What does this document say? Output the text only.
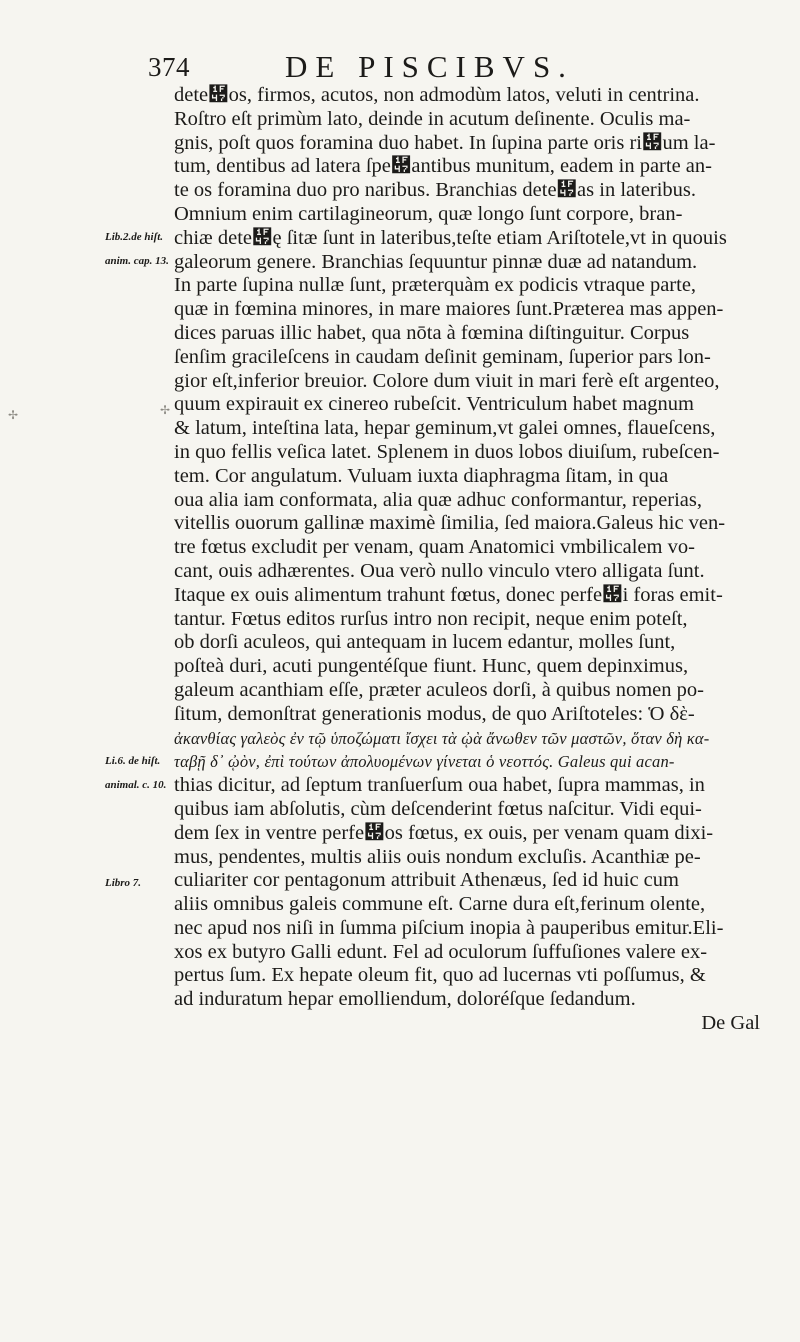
374	DE PISCIBVS.
dete὇os, firmos, acutos, non admodùm latos, veluti in centrina.
Roſtro eſt primùm lato, deinde in acutum deſinente. Oculis ma-
gnis, poſt quos foramina duo habet. In ſupina parte oris ri὇um la-
tum, dentibus ad latera ſpe὇antibus munitum, eadem in parte an-
te os foramina duo pro naribus. Branchias dete὇as in lateribus.
Omnium enim cartilagineorum, quæ longo ſunt corpore, bran-
chiæ dete὇ę ſitæ ſunt in lateribus,teſte etiam Ariſtotele,vt in quouis
galeorum genere. Branchias ſequuntur pinnæ duæ ad natandum.
In parte ſupina nullæ ſunt, præterquàm ex podicis vtraque parte,
quæ in fœmina minores, in mare maiores ſunt.Præterea mas appen-
dices paruas illic habet, qua nōta à fœmina diſtinguitur. Corpus
ſenſim gracileſcens in caudam deſinit geminam, ſuperior pars lon-
gior eſt,inferior breuior. Colore dum viuit in mari ferè eſt argenteo,
quum expirauit ex cinereo rubeſcit. Ventriculum habet magnum
& latum, inteſtina lata, hepar geminum,vt galei omnes, flaueſcens,
in quo fellis veſica latet. Splenem in duos lobos diuiſum, rubeſcen-
tem. Cor angulatum. Vuluam iuxta diaphragma ſitam, in qua
oua alia iam conformata, alia quæ adhuc conformantur, reperias,
vitellis ouorum gallinæ maximè ſimilia, ſed maiora.Galeus hic ven-
tre fœtus excludit per venam, quam Anatomici vmbilicalem vo-
cant, ouis adhærentes. Oua verò nullo vinculo vtero alligata ſunt.
Itaque ex ouis alimentum trahunt fœtus, donec perfe὇i foras emit-
tantur. Fœtus editos rurſus intro non recipit, neque enim poteſt,
ob dorſi aculeos, qui antequam in lucem edantur, molles ſunt,
poſteà duri, acuti pungentéſque fiunt. Hunc, quem depinximus,
galeum acanthiam eſſe, præter aculeos dorſi, à quibus nomen po-
ſitum, demonſtrat generationis modus, de quo Ariſtoteles: Ὁ δὲ-
ἀκανθίας γαλεὸς ἐν τῷ ὑποζώματι ἴσχει τὰ ᾠὰ ἄνωθεν τῶν μαστῶν, ὅταν δὴ κα-
ταβῇ δ᾽ ᾠὸν, ἐπὶ τούτων ἀπολυομένων γίνεται ὁ νεοττός. Galeus qui acan-
thias dicitur, ad ſeptum tranſuerſum oua habet, ſupra mammas, in
quibus iam abſolutis, cùm deſcenderint fœtus naſcitur. Vidi equi-
dem ſex in ventre perfe὇os fœtus, ex ouis, per venam quam dixi-
mus, pendentes, multis aliis ouis nondum excluſis. Acanthiæ pe-
culiariter cor pentagonum attribuit Athenæus, ſed id huic cum
aliis omnibus galeis commune eſt. Carne dura eſt,ferinum olente,
nec apud nos niſi in ſumma piſcium inopia à pauperibus emitur.Eli-
xos ex butyro Galli edunt. Fel ad oculorum ſuffuſiones valere ex-
pertus ſum. Ex hepate oleum fit, quo ad lucernas vti poſſumus, &
ad induratum hepar emolliendum, doloréſque ſedandum.
De Gal
Lib.2.de hiſt.
anim. cap. 13.
Li.6. de hiſt.
animal. c. 10.
Libro 7.
✢	✢
